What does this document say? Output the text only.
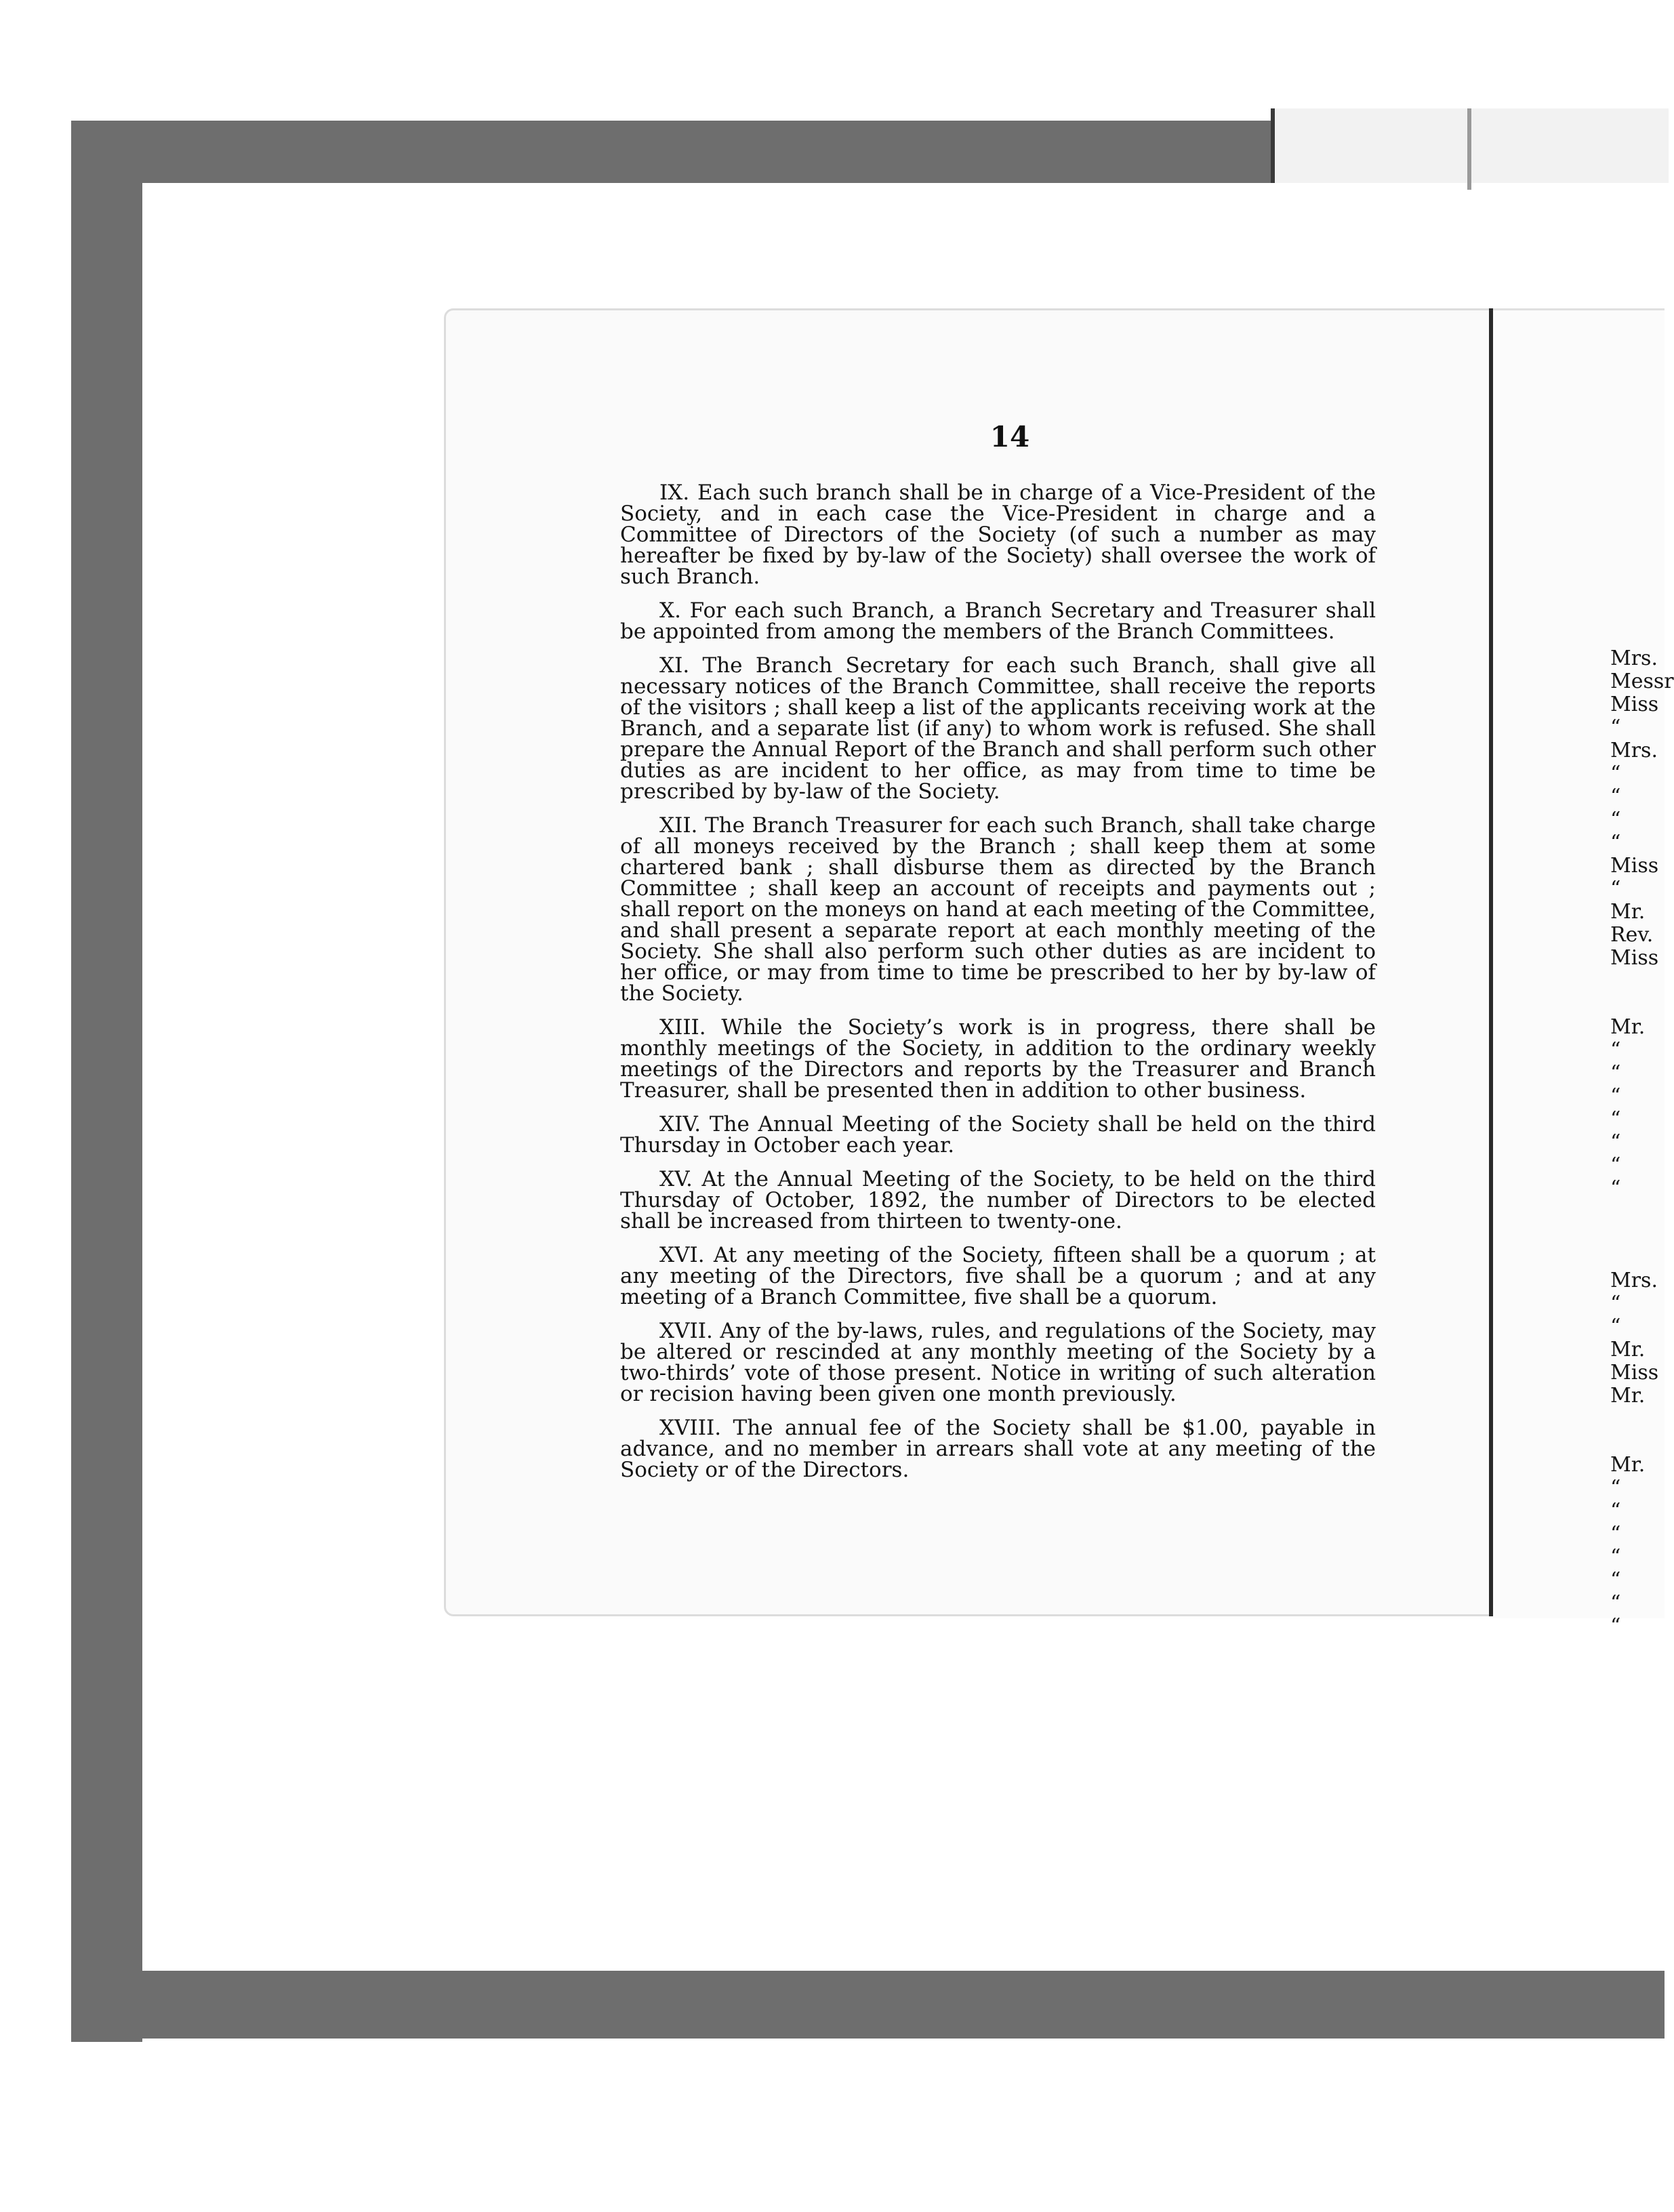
14

IX. Each such branch shall be in charge of a Vice-President of the Society, and in each case the Vice-President in charge and a Committee of Directors of the Society (of such a number as may hereafter be fixed by by-law of the Society) shall oversee the work of such Branch.

X. For each such Branch, a Branch Secretary and Treasurer shall be appointed from among the members of the Branch Committees.

XI. The Branch Secretary for each such Branch, shall give all necessary notices of the Branch Committee, shall receive the reports of the visitors ; shall keep a list of the applicants receiving work at the Branch, and a separate list (if any) to whom work is refused. She shall prepare the Annual Report of the Branch and shall perform such other duties as are incident to her office, as may from time to time be prescribed by by-law of the Society.

XII. The Branch Treasurer for each such Branch, shall take charge of all moneys received by the Branch ; shall keep them at some chartered bank ; shall disburse them as directed by the Branch Committee ; shall keep an account of receipts and payments out ; shall report on the moneys on hand at each meeting of the Committee, and shall present a separate report at each monthly meeting of the Society. She shall also perform such other duties as are incident to her office, or may from time to time be prescribed to her by by-law of the Society.

XIII. While the Society’s work is in progress, there shall be monthly meetings of the Society, in addition to the ordinary weekly meetings of the Directors and reports by the Treasurer and Branch Treasurer, shall be presented then in addition to other business.

XIV. The Annual Meeting of the Society shall be held on the third Thursday in October each year.

XV. At the Annual Meeting of the Society, to be held on the third Thursday of October, 1892, the number of Directors to be elected shall be increased from thirteen to twenty-one.

XVI. At any meeting of the Society, fifteen shall be a quorum ; at any meeting of the Directors, five shall be a quorum ; and at any meeting of a Branch Committee, five shall be a quorum.

XVII. Any of the by-laws, rules, and regulations of the Society, may be altered or rescinded at any monthly meeting of the Society by a two-thirds’ vote of those present. Notice in writing of such alteration or recision having been given one month previously.

XVIII. The annual fee of the Society shall be $1.00, payable in advance, and no member in arrears shall vote at any meeting of the Society or of the Directors.

Mrs.
Messr
Miss
“
Mrs.
“
“
“
“
Miss
“
Mr.
Rev.
Miss
Mr.
“
“
“
“
“
“
“
Mrs.
“
“
Mr.
Miss
Mr.
Mr.
“
“
“
“
“
“
“
